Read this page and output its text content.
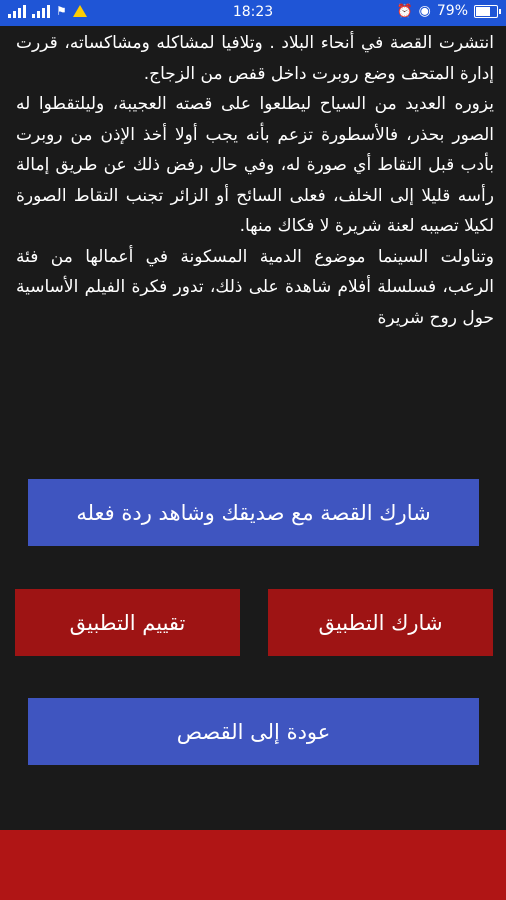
⚑	18:23	⏰ ◉ 79%

انتشرت القصة في أنحاء البلاد . وتلافيا لمشاكله ومشاكساته، قررت إدارة المتحف وضع روبرت داخل قفص من الزجاج.

يزوره العديد من السياح ليطلعوا على قصته العجيبة، وليلتقطوا له الصور بحذر، فالأسطورة تزعم بأنه يجب أولا أخذ الإذن من روبرت بأدب قبل التقاط أي صورة له، وفي حال رفض ذلك عن طريق إمالة رأسه قليلا إلى الخلف، فعلى السائح أو الزائر تجنب التقاط الصورة لكيلا تصيبه لعنة شريرة لا فكاك منها.

وتناولت السينما موضوع الدمية المسكونة في أعمالها من فئة الرعب، فسلسلة أفلام شاهدة على ذلك، تدور فكرة الفيلم الأساسية حول روح شريرة

شارك القصة مع صديقك وشاهد ردة فعله
شارك التطبيق
تقييم التطبيق
عودة إلى القصص
